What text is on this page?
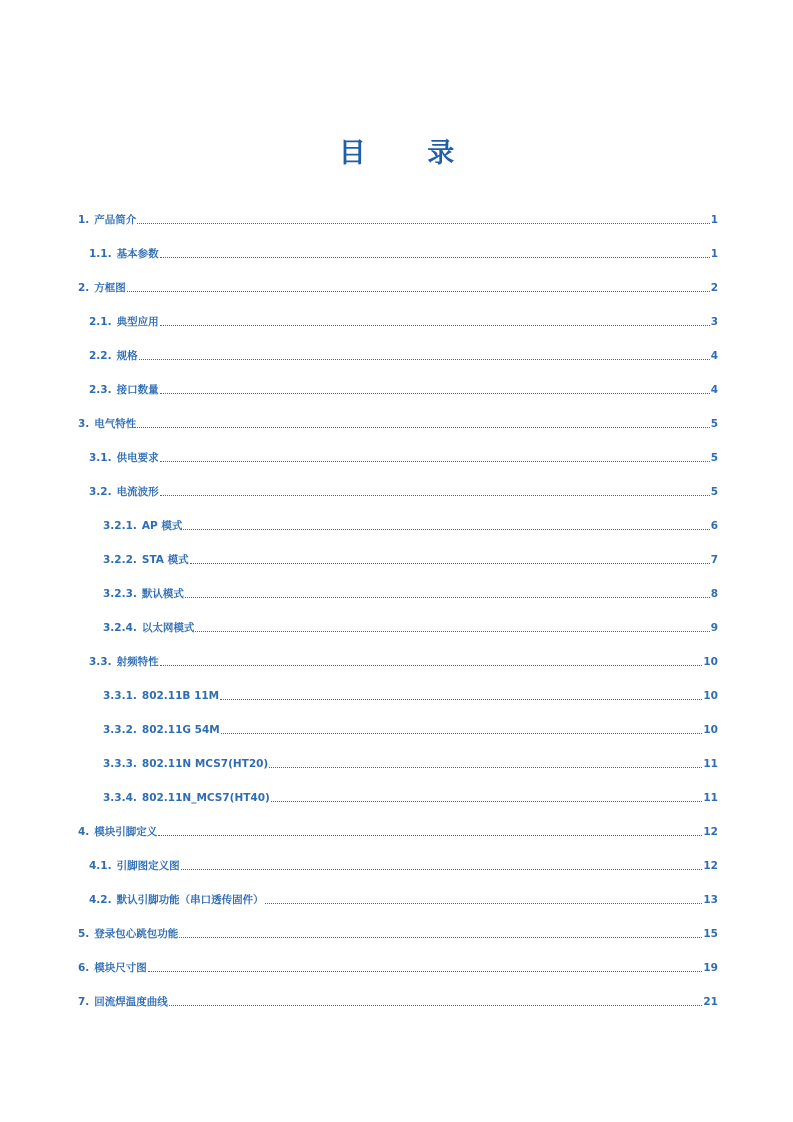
目 录
1. 产品简介	1
1.1. 基本参数	1
2. 方框图	2
2.1. 典型应用	3
2.2. 规格	4
2.3. 接口数量	4
3. 电气特性	5
3.1. 供电要求	5
3.2. 电流波形	5
3.2.1. AP 模式	6
3.2.2. STA 模式	7
3.2.3. 默认模式	8
3.2.4. 以太网模式	9
3.3. 射频特性	10
3.3.1. 802.11B 11M	10
3.3.2. 802.11G 54M	10
3.3.3. 802.11N MCS7(HT20)	11
3.3.4. 802.11N_MCS7(HT40)	11
4. 模块引脚定义	12
4.1. 引脚图定义图	12
4.2. 默认引脚功能（串口透传固件）	13
5. 登录包心跳包功能	15
6. 模块尺寸图	19
7. 回流焊温度曲线	21
